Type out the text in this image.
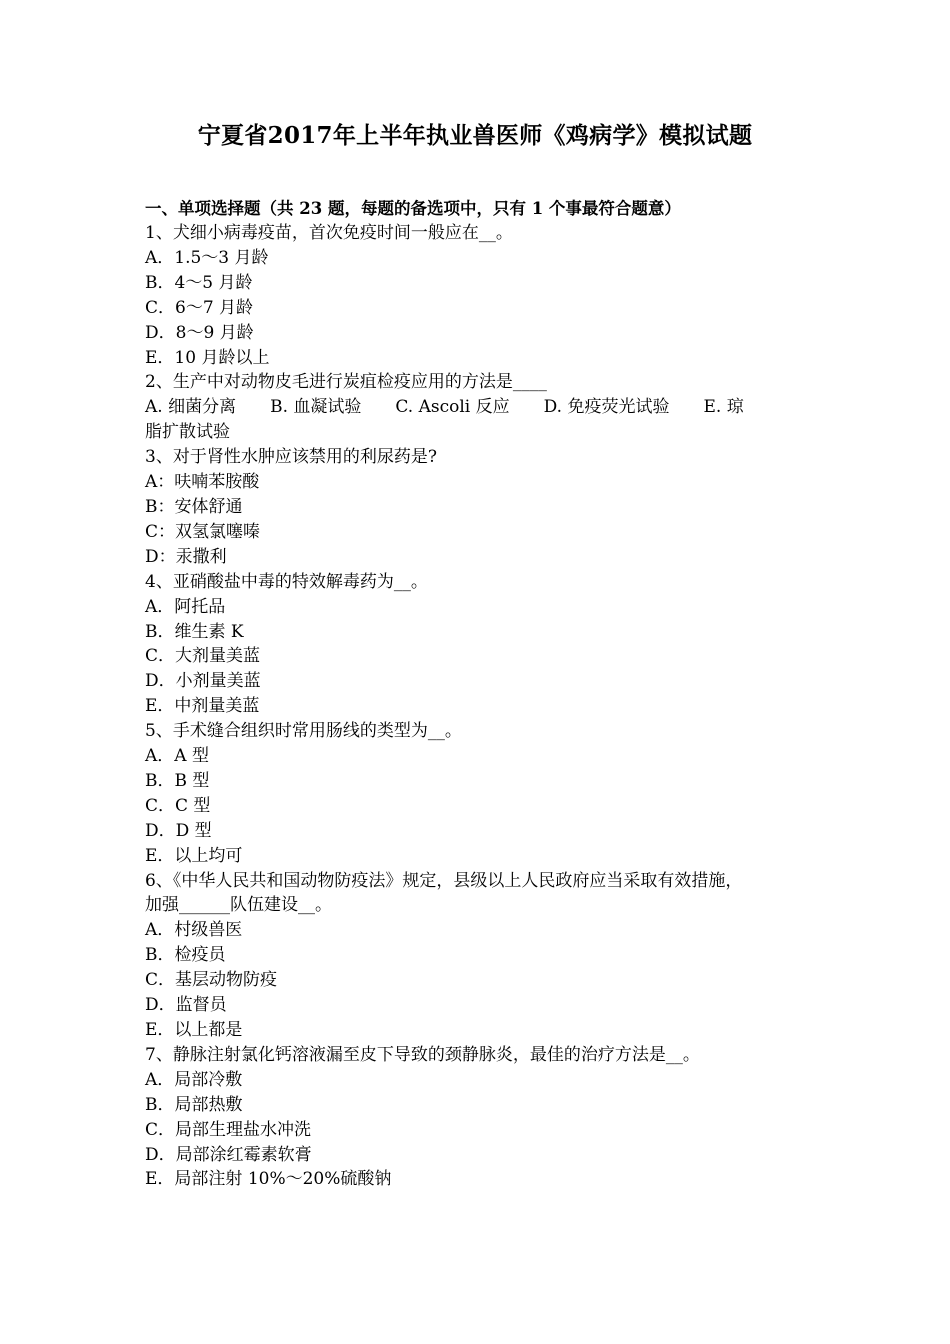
宁夏省2017年上半年执业兽医师《鸡病学》模拟试题
一、单项选择题（共 23 题，每题的备选项中，只有 1 个事最符合题意）
1、犬细小病毒疫苗，首次免疫时间一般应在__。
A．1.5～3 月龄
B．4～5 月龄
C．6～7 月龄
D．8～9 月龄
E．10 月龄以上
2、生产中对动物皮毛进行炭疽检疫应用的方法是____
A. 细菌分离 B. 血凝试验 C. Ascoli 反应 D. 免疫荧光试验 E. 琼
脂扩散试验
3、对于肾性水肿应该禁用的利尿药是?
A：呋喃苯胺酸
B：安体舒通
C：双氢氯噻嗪
D：汞撒利
4、亚硝酸盐中毒的特效解毒药为__。
A．阿托品
B．维生素 K
C．大剂量美蓝
D．小剂量美蓝
E．中剂量美蓝
5、手术缝合组织时常用肠线的类型为__。
A．A 型
B．B 型
C．C 型
D．D 型
E．以上均可
6、《中华人民共和国动物防疫法》规定，县级以上人民政府应当采取有效措施，
加强______队伍建设__。
A．村级兽医
B．检疫员
C．基层动物防疫
D．监督员
E．以上都是
7、静脉注射氯化钙溶液漏至皮下导致的颈静脉炎，最佳的治疗方法是__。
A．局部冷敷
B．局部热敷
C．局部生理盐水冲洗
D．局部涂红霉素软膏
E．局部注射 10%～20%硫酸钠
